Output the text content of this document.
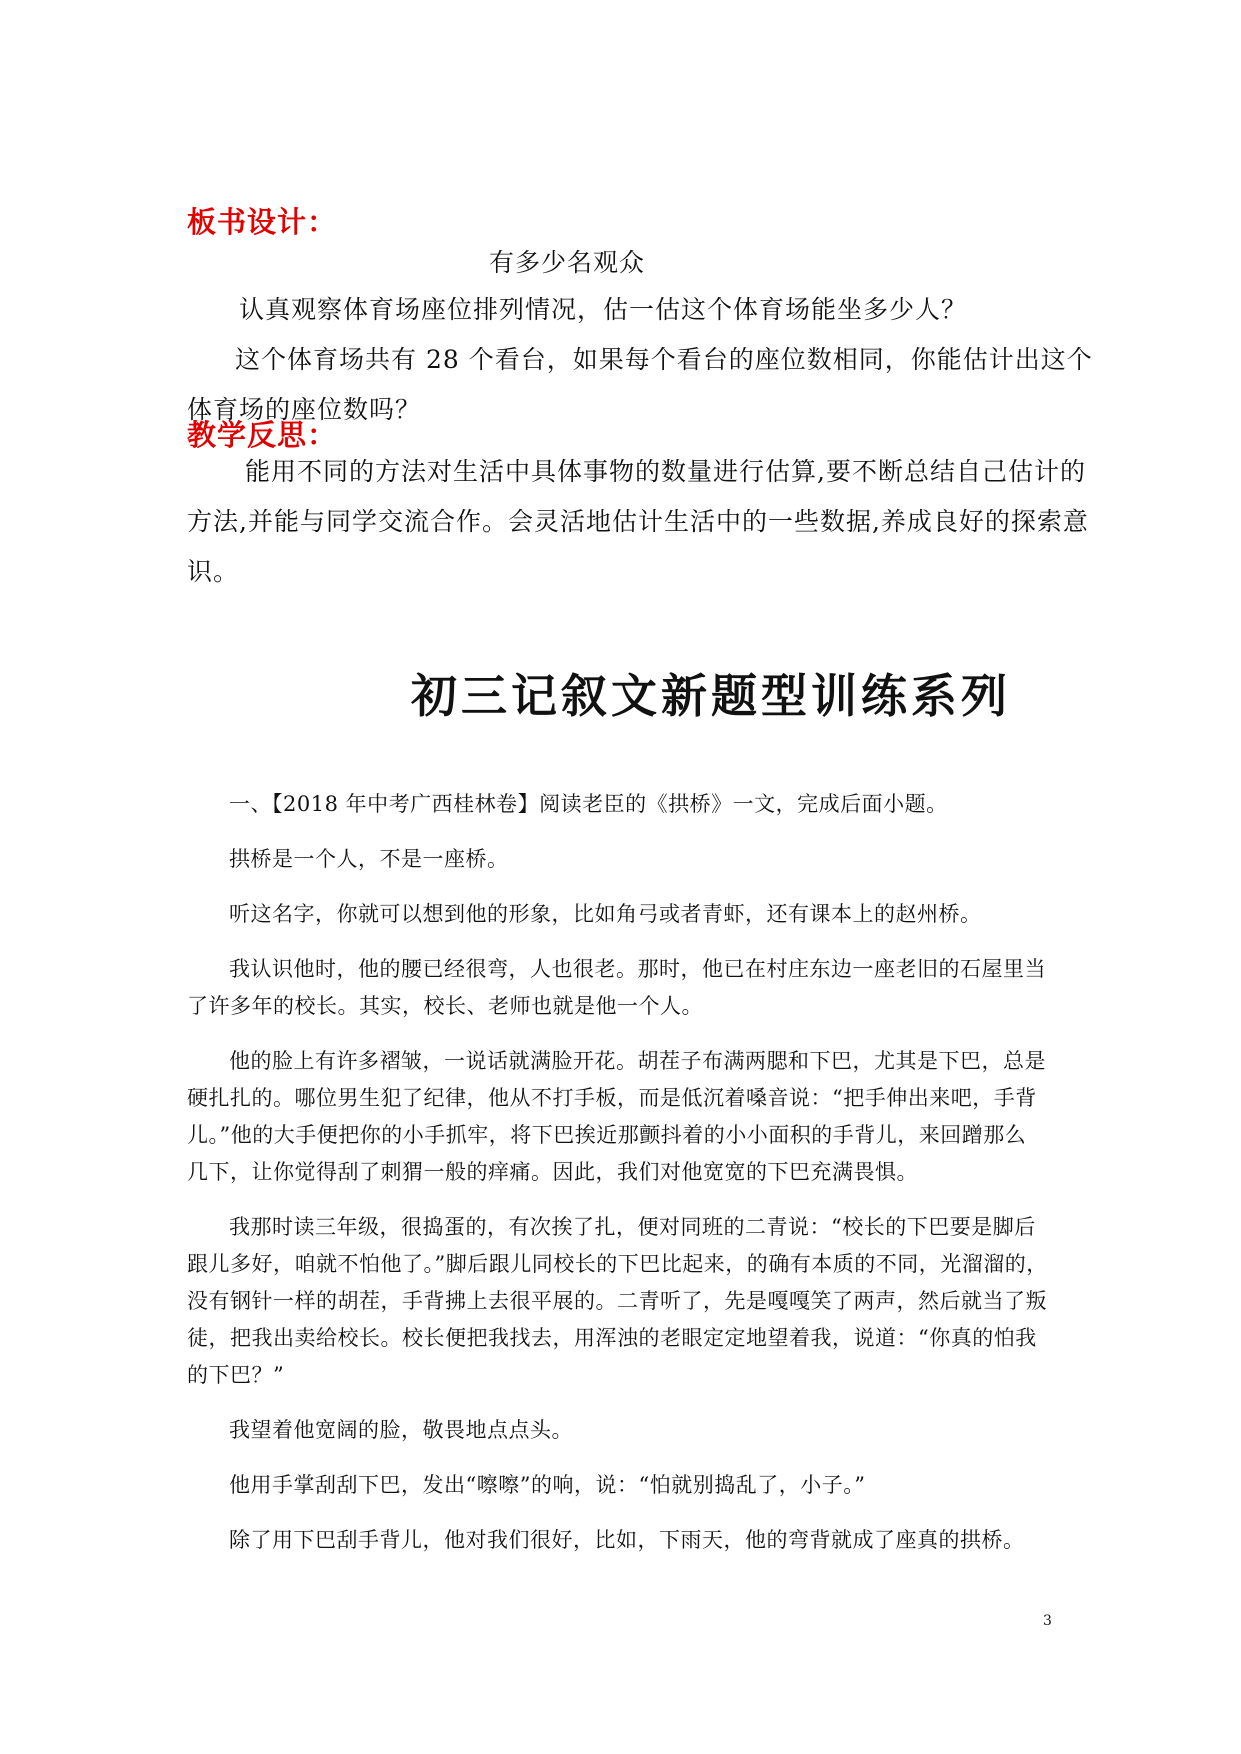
板书设计：
有多少名观众
认真观察体育场座位排列情况，估一估这个体育场能坐多少人？
这个体育场共有 28 个看台，如果每个看台的座位数相同，你能估计出这个
体育场的座位数吗？
教学反思：
能用不同的方法对生活中具体事物的数量进行估算,要不断总结自己估计的
方法,并能与同学交流合作。会灵活地估计生活中的一些数据,养成良好的探索意
识。
初三记叙文新题型训练系列
一、【2018 年中考广西桂林卷】阅读老臣的《拱桥》一文，完成后面小题。
拱桥是一个人，不是一座桥。
听这名字，你就可以想到他的形象，比如角弓或者青虾，还有课本上的赵州桥。
我认识他时，他的腰已经很弯，人也很老。那时，他已在村庄东边一座老旧的石屋里当
了许多年的校长。其实，校长、老师也就是他一个人。
他的脸上有许多褶皱，一说话就满脸开花。胡茬子布满两腮和下巴，尤其是下巴，总是
硬扎扎的。哪位男生犯了纪律，他从不打手板，而是低沉着嗓音说：“把手伸出来吧，手背
儿。”他的大手便把你的小手抓牢，将下巴挨近那颤抖着的小小面积的手背儿，来回蹭那么
几下，让你觉得刮了刺猬一般的痒痛。因此，我们对他宽宽的下巴充满畏惧。
我那时读三年级，很捣蛋的，有次挨了扎，便对同班的二青说：“校长的下巴要是脚后
跟儿多好，咱就不怕他了。”脚后跟儿同校长的下巴比起来，的确有本质的不同，光溜溜的，
没有钢针一样的胡茬，手背拂上去很平展的。二青听了，先是嘎嘎笑了两声，然后就当了叛
徒，把我出卖给校长。校长便把我找去，用浑浊的老眼定定地望着我，说道：“你真的怕我
的下巴？”
我望着他宽阔的脸，敬畏地点点头。
他用手掌刮刮下巴，发出“嚓嚓”的响，说：“怕就别捣乱了，小子。”
除了用下巴刮手背儿，他对我们很好，比如，下雨天，他的弯背就成了座真的拱桥。
3
